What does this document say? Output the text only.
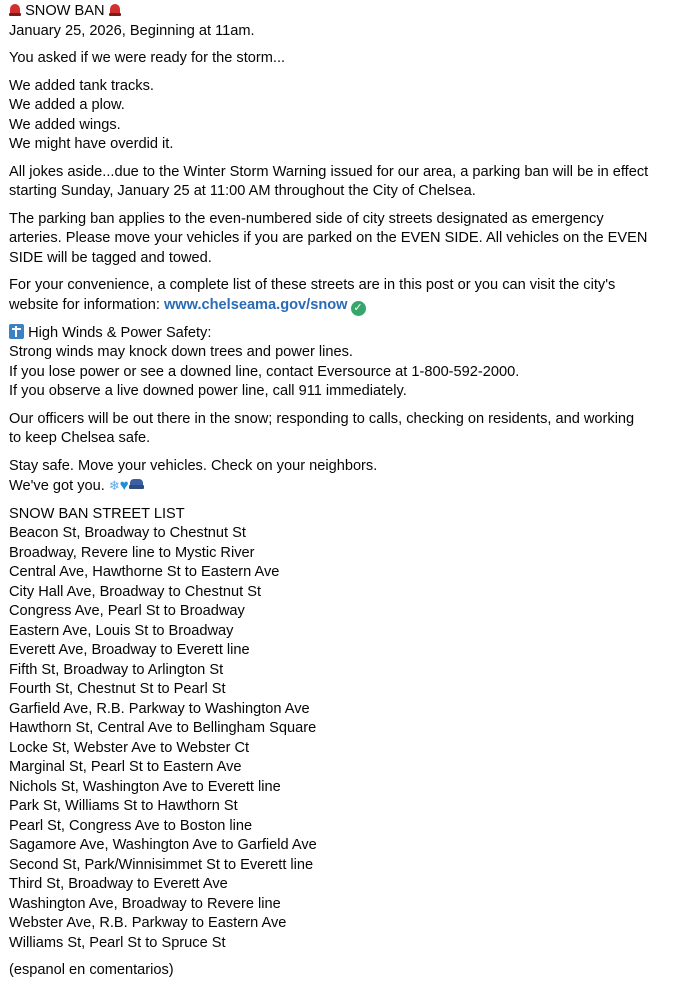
SNOW BAN
January 25, 2026, Beginning at 11am.
You asked if we were ready for the storm...
We added tank tracks.
We added a plow.
We added wings.
We might have overdid it.
All jokes aside...due to the Winter Storm Warning issued for our area, a parking ban will be in effect
starting Sunday, January 25 at 11:00 AM throughout the City of Chelsea.
The parking ban applies to the even-numbered side of city streets designated as emergency
arteries. Please move your vehicles if you are parked on the EVEN SIDE. All vehicles on the EVEN
SIDE will be tagged and towed.
For your convenience, a complete list of these streets are in this post or you can visit the city's
website for information: www.chelseama.gov/snow ✓
High Winds & Power Safety:
Strong winds may knock down trees and power lines.
If you lose power or see a downed line, contact Eversource at 1-800-592-2000.
If you observe a live downed power line, call 911 immediately.
Our officers will be out there in the snow; responding to calls, checking on residents, and working
to keep Chelsea safe.
Stay safe. Move your vehicles. Check on your neighbors.
We've got you. ❄♥
SNOW BAN STREET LIST
Beacon St, Broadway to Chestnut St
Broadway, Revere line to Mystic River
Central Ave, Hawthorne St to Eastern Ave
City Hall Ave, Broadway to Chestnut St
Congress Ave, Pearl St to Broadway
Eastern Ave, Louis St to Broadway
Everett Ave, Broadway to Everett line
Fifth St, Broadway to Arlington St
Fourth St, Chestnut St to Pearl St
Garfield Ave, R.B. Parkway to Washington Ave
Hawthorn St, Central Ave to Bellingham Square
Locke St, Webster Ave to Webster Ct
Marginal St, Pearl St to Eastern Ave
Nichols St, Washington Ave to Everett line
Park St, Williams St to Hawthorn St
Pearl St, Congress Ave to Boston line
Sagamore Ave, Washington Ave to Garfield Ave
Second St, Park/Winnisimmet St to Everett line
Third St, Broadway to Everett Ave
Washington Ave, Broadway to Revere line
Webster Ave, R.B. Parkway to Eastern Ave
Williams St, Pearl St to Spruce St
(espanol en comentarios)
